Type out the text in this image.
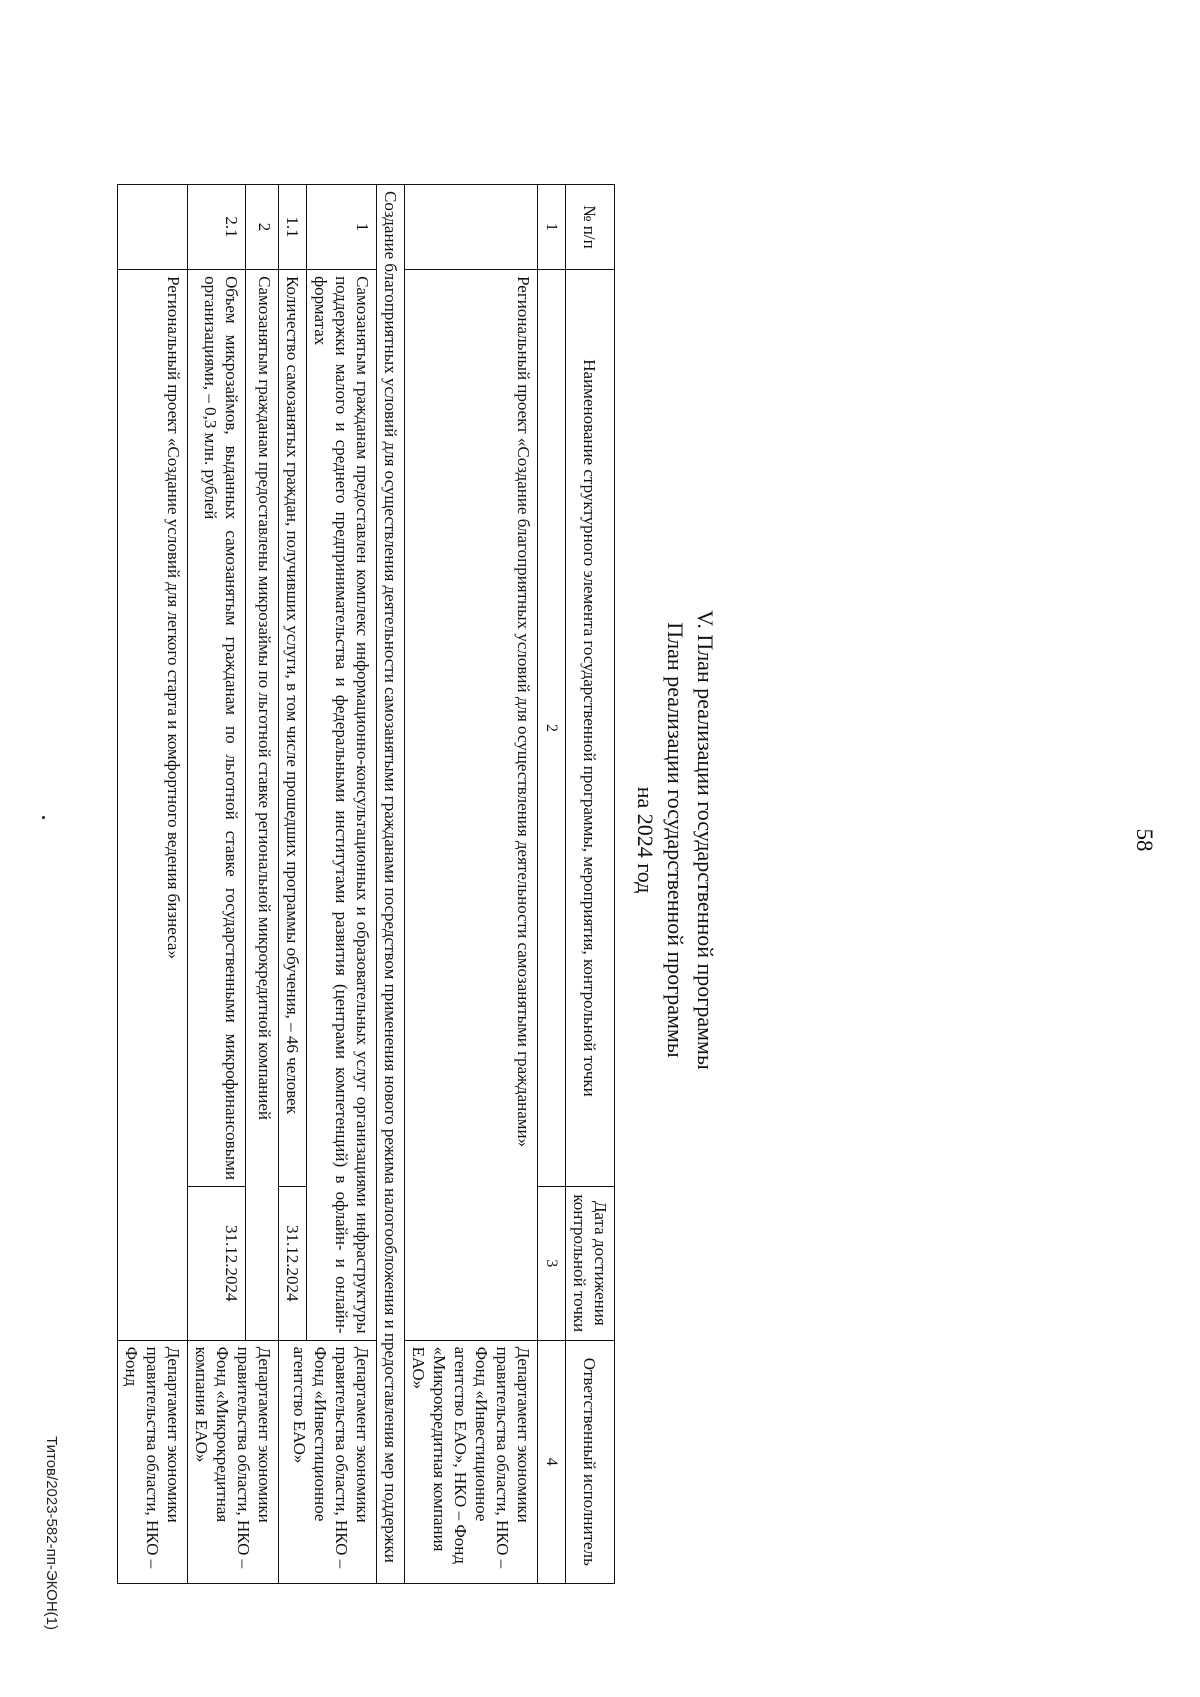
58
V. План реализации государственной программы
План реализации государственной программы
на 2024 год
№ п/п	Наименование структурного элемента государственной программы, мероприятия, контрольной точки	Дата достижения контрольной точки	Ответственный исполнитель
1	2	3	4
	Региональный проект «Создание благоприятных условий для осуществления деятельности самозанятыми гражданами»		Департамент экономики правительства области, НКО – Фонд «Инвестиционное агентство ЕАО», НКО – Фонд «Микрокредитная компания ЕАО»
Создание благоприятных условий для осуществления деятельности самозанятыми гражданами посредством применения нового режима налогообложения и предоставления мер поддержки			
1	Самозанятым гражданам предоставлен комплекс информационно-консультационных и образовательных услуг организациями инфраструктуры поддержки малого и среднего предпринимательства и федеральными институтами развития (центрами компетенций) в офлайн- и онлайн-форматах		Департамент экономики правительства области, НКО – Фонд «Инвестиционное агентство ЕАО»
1.1	Количество самозанятых граждан, получивших услуги, в том числе прошедших программы обучения, – 46 человек	31.12.2024	
2	Самозанятым гражданам предоставлены микрозаймы по льготной ставке региональной микрокредитной компанией		Департамент экономики правительства области, НКО – Фонд «Микрокредитная компания ЕАО»
2.1	Объем микрозаймов, выданных самозанятым гражданам по льготной ставке государственными микрофинансовыми организациями, – 0,3 млн. рублей	31.12.2024	
	Региональный проект «Создание условий для легкого старта и комфортного ведения бизнеса»		Департамент экономики правительства области, НКО – Фонд
Титов/2023-582-пп-ЭКОН(1)
